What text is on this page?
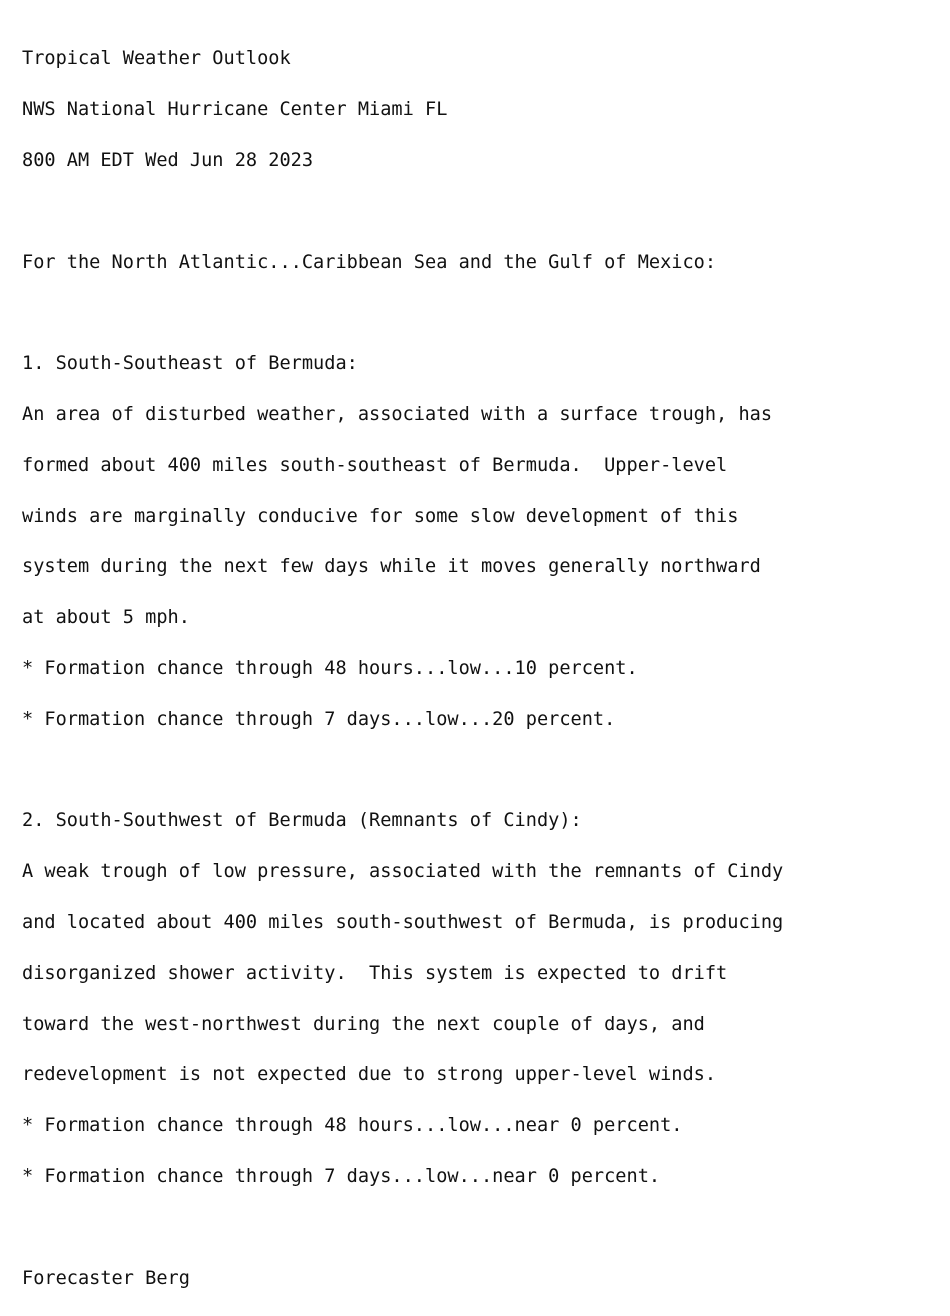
Tropical Weather Outlook

NWS National Hurricane Center Miami FL

800 AM EDT Wed Jun 28 2023

For the North Atlantic...Caribbean Sea and the Gulf of Mexico:

1. South-Southeast of Bermuda:

An area of disturbed weather, associated with a surface trough, has

formed about 400 miles south-southeast of Bermuda.  Upper-level

winds are marginally conducive for some slow development of this

system during the next few days while it moves generally northward

at about 5 mph.

* Formation chance through 48 hours...low...10 percent.

* Formation chance through 7 days...low...20 percent.

2. South-Southwest of Bermuda (Remnants of Cindy):

A weak trough of low pressure, associated with the remnants of Cindy

and located about 400 miles south-southwest of Bermuda, is producing

disorganized shower activity.  This system is expected to drift

toward the west-northwest during the next couple of days, and

redevelopment is not expected due to strong upper-level winds.

* Formation chance through 48 hours...low...near 0 percent.

* Formation chance through 7 days...low...near 0 percent.

Forecaster Berg
